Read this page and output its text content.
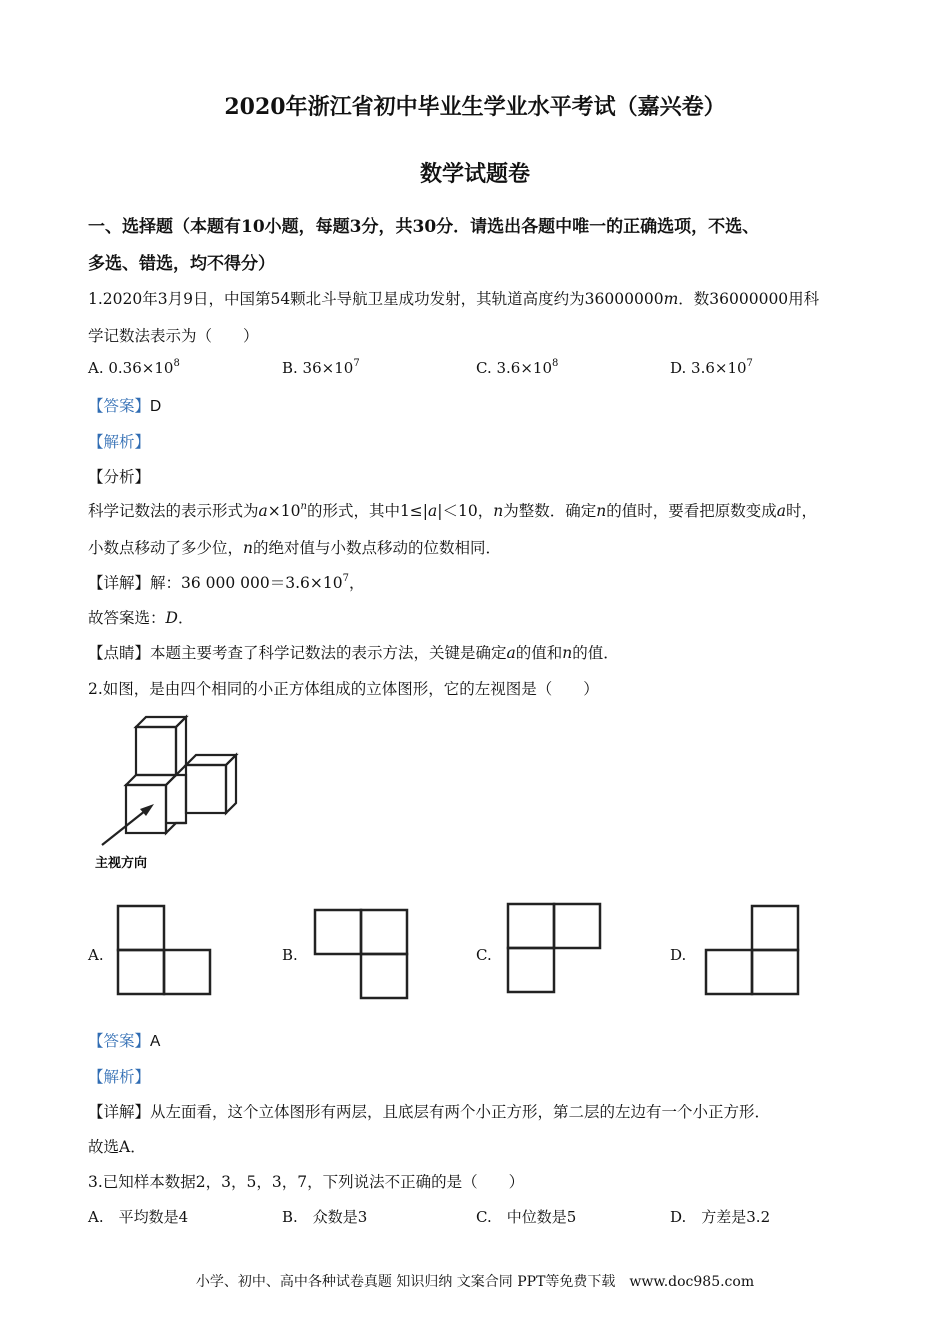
2020年浙江省初中毕业生学业水平考试（嘉兴卷）
数学试题卷
一、选择题（本题有10小题，每题3分，共30分．请选出各题中唯一的正确选项，不选、
多选、错选，均不得分）
1.2020年3月9日，中国第54颗北斗导航卫星成功发射，其轨道高度约为36000000m．数36000000用科
学记数法表示为（　　）
A. $0.36\times 10^8$	B. $36\times 10^7$	C. $3.6\times 10^8$	D. $3.6\times 10^7$
【答案】D
【解析】
【分析】
科学记数法的表示形式为$a\times 10^n$的形式，其中1≤|a|＜10，n为整数．确定n的值时，要看把原数变成a时，
小数点移动了多少位，n的绝对值与小数点移动的位数相同．
【详解】解：36 000 $000=3.6\times 10^7$，
故答案选：D．
【点睛】本题主要考查了科学记数法的表示方法，关键是确定a的值和n的值．
2.如图，是由四个相同的小正方体组成的立体图形，它的左视图是（　　）
主视方向
A.	B.	C.	D.
【答案】A
【解析】
【详解】从左面看，这个立体图形有两层，且底层有两个小正方形，第二层的左边有一个小正方形．
故选A．
3.已知样本数据2，3，5，3，7，下列说法不正确的是（　　）
A.　平均数是4	B.　众数是3	C.　中位数是5	D.　方差是3.2
小学、初中、高中各种试卷真题 知识归纳 文案合同 PPT等免费下载　www.doc985.com
